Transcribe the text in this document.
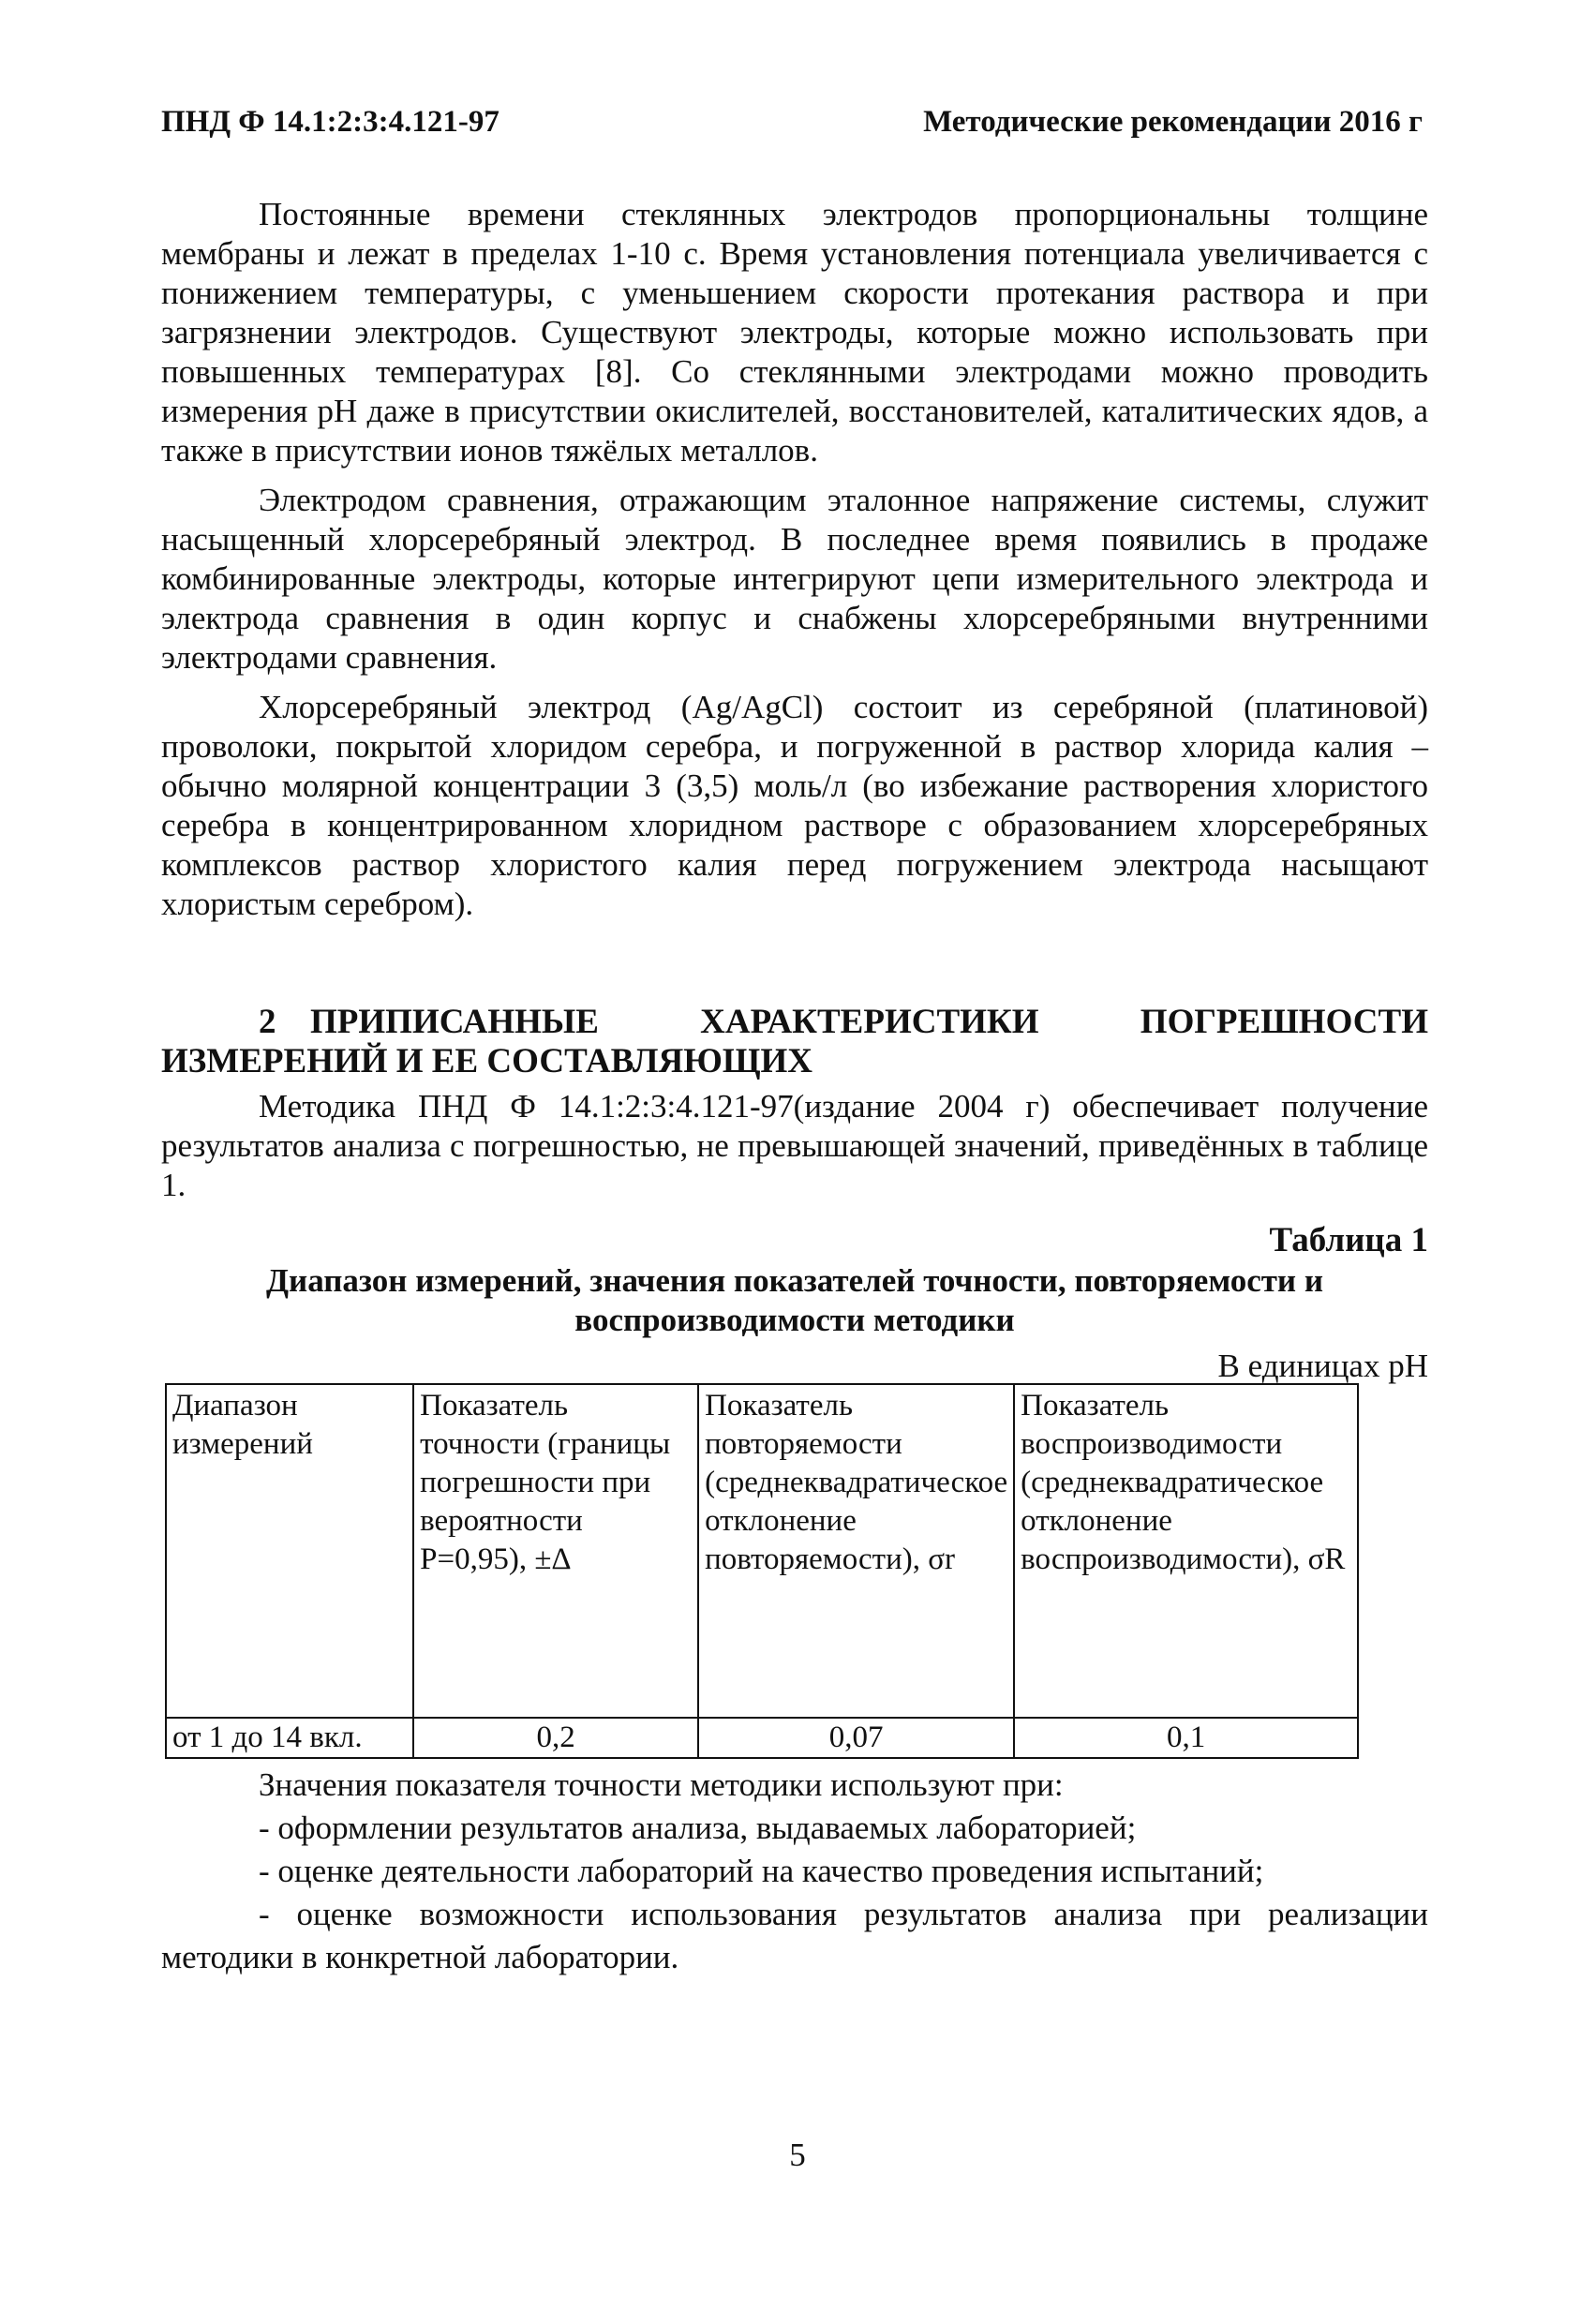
ПНД Ф 14.1:2:3:4.121-97	Методические рекомендации 2016 г

Постоянные времени стеклянных электродов пропорциональны толщине мембраны и лежат в пределах 1-10 с. Время установления потенциала увеличивается с понижением температуры, с уменьшением скорости протекания раствора и при загрязнении электродов. Существуют электроды, которые можно использовать при повышенных температурах [8]. Со стеклянными электродами можно проводить измерения рН даже в присутствии окислителей, восстановителей, каталитических ядов, а также в присутствии ионов тяжёлых металлов.

Электродом сравнения, отражающим эталонное напряжение системы, служит насыщенный хлорсеребряный электрод. В последнее время появились в продаже комбинированные электроды, которые интегрируют цепи измерительного электрода и электрода сравнения в один корпус и снабжены хлорсеребряными внутренними электродами сравнения.

Хлорсеребряный электрод (Ag/AgCl) состоит из серебряной (платиновой) проволоки, покрытой хлоридом серебра, и погруженной в раствор хлорида калия – обычно молярной концентрации 3 (3,5) моль/л (во избежание растворения хлористого серебра в концентрированном хлоридном растворе с образованием хлорсеребряных комплексов раствор хлористого калия перед погружением электрода насыщают хлористым серебром).

2 ПРИПИСАННЫЕ ХАРАКТЕРИСТИКИ ПОГРЕШНОСТИ ИЗМЕРЕНИЙ И ЕЕ СОСТАВЛЯЮЩИХ

Методика ПНД Ф 14.1:2:3:4.121-97(издание 2004 г) обеспечивает получение результатов анализа с погрешностью, не превышающей значений, приведённых в таблице 1.

Таблица 1
Диапазон измерений, значения показателей точности, повторяемости и воспроизводимости методики
В единицах рН
Диапазон измерений	Показатель точности (границы погрешности при вероятности Р=0,95), ±Δ	Показатель повторяемости (среднеквадратическое отклонение повторяемости), σr	Показатель воспроизводимости (среднеквадратическое отклонение воспроизводимости), σR
от 1 до 14 вкл.	0,2	0,07	0,1

Значения показателя точности методики используют при:

- оформлении результатов анализа, выдаваемых лабораторией;

- оценке деятельности лабораторий на качество проведения испытаний;

- оценке возможности использования результатов анализа при реализации методики в конкретной лаборатории.

5
